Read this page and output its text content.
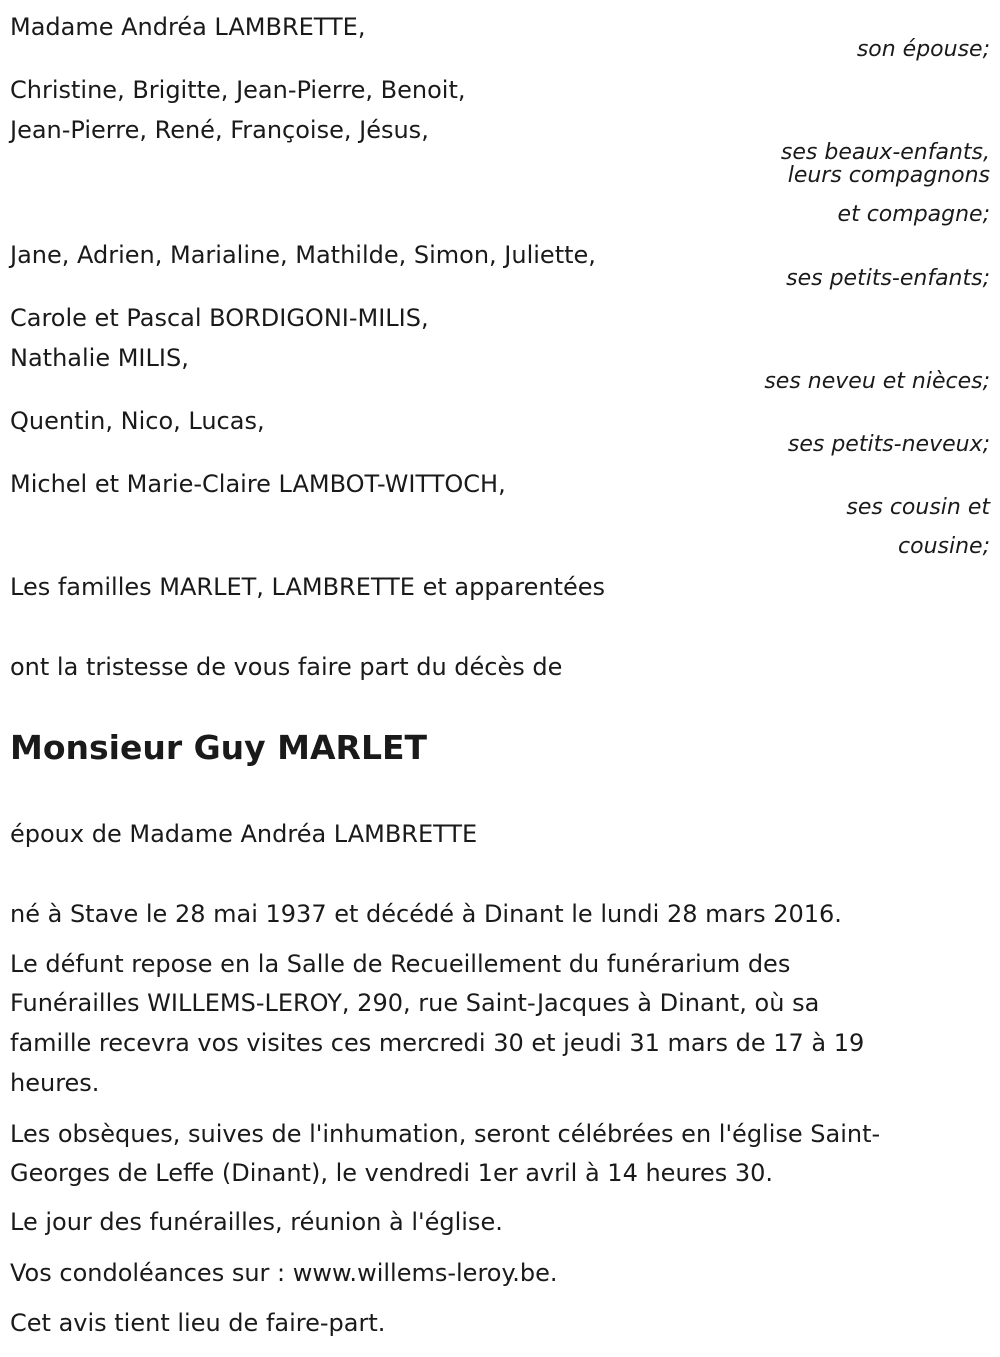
Madame Andréa LAMBRETTE,
son épouse;
Christine, Brigitte, Jean-Pierre, Benoit,
Jean-Pierre, René, Françoise, Jésus,
ses beaux-enfants,
leurs compagnons
et compagne;
Jane, Adrien, Marialine, Mathilde, Simon, Juliette,
ses petits-enfants;
Carole et Pascal BORDIGONI-MILIS,
Nathalie MILIS,
ses neveu et nièces;
Quentin, Nico, Lucas,
ses petits-neveux;
Michel et Marie-Claire LAMBOT-WITTOCH,
ses cousin et
cousine;
Les familles MARLET, LAMBRETTE et apparentées
ont la tristesse de vous faire part du décès de
Monsieur Guy MARLET
époux de Madame Andréa LAMBRETTE
né à Stave le 28 mai 1937 et décédé à Dinant le lundi 28 mars 2016.
Le défunt repose en la Salle de Recueillement du funérarium des
Funérailles WILLEMS-LEROY, 290, rue Saint-Jacques à Dinant, où sa
famille recevra vos visites ces mercredi 30 et jeudi 31 mars de 17 à 19
heures.
Les obsèques, suives de l'inhumation, seront célébrées en l'église Saint-
Georges de Leffe (Dinant), le vendredi 1er avril à 14 heures 30.
Le jour des funérailles, réunion à l'église.
Vos condoléances sur : www.willems-leroy.be.
Cet avis tient lieu de faire-part.
